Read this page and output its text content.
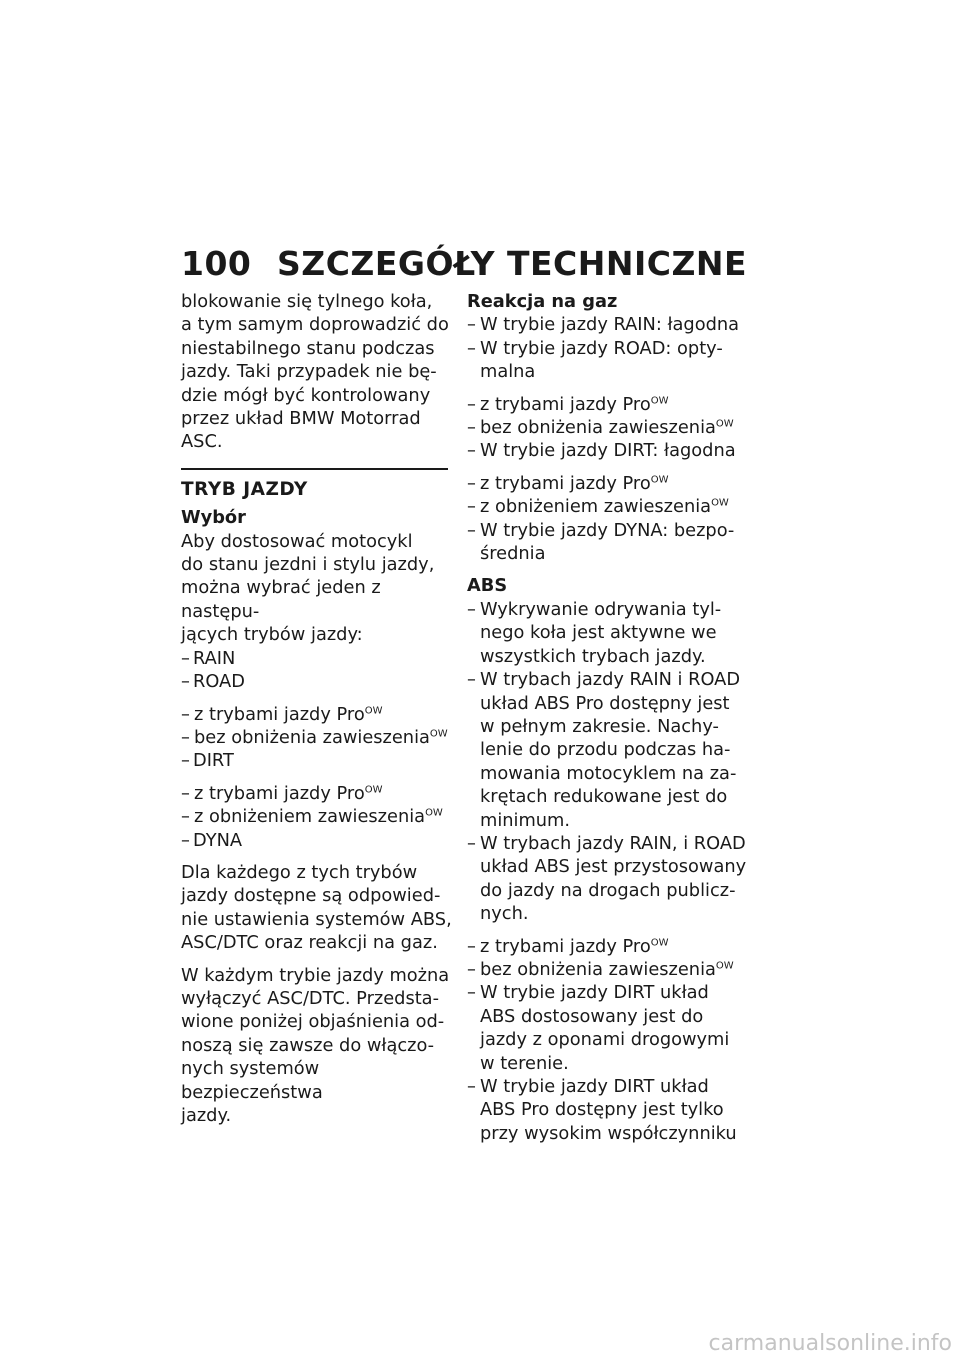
100 SZCZEGÓŁY TECHNICZNE
blokowanie się tylnego koła,
a tym samym doprowadzić do
niestabilnego stanu podczas
jazdy. Taki przypadek nie bę-
dzie mógł być kontrolowany
przez układ BMW Motorrad
ASC.
TRYB JAZDY
Wybór
Aby dostosować motocykl
do stanu jezdni i stylu jazdy,
można wybrać jeden z następu-
jących trybów jazdy:
– RAIN
– ROAD
– z trybami jazdy Pro$^{OW}$
– bez obniżenia zawieszenia$^{OW}$
– DIRT
– z trybami jazdy Pro$^{OW}$
– z obniżeniem zawieszenia$^{OW}$
– DYNA
Dla każdego z tych trybów
jazdy dostępne są odpowied-
nie ustawienia systemów ABS,
ASC/DTC oraz reakcji na gaz.
W każdym trybie jazdy można
wyłączyć ASC/DTC. Przedsta-
wione poniżej objaśnienia od-
noszą się zawsze do włączo-
nych systemów bezpieczeństwa
jazdy.
Reakcja na gaz
– W trybie jazdy RAIN: łagodna
– W trybie jazdy ROAD: opty-
malna
– z trybami jazdy Pro$^{OW}$
– bez obniżenia zawieszenia$^{OW}$
– W trybie jazdy DIRT: łagodna
– z trybami jazdy Pro$^{OW}$
– z obniżeniem zawieszenia$^{OW}$
– W trybie jazdy DYNA: bezpo-
średnia
ABS
– Wykrywanie odrywania tyl-
nego koła jest aktywne we
wszystkich trybach jazdy.
– W trybach jazdy RAIN i ROAD
układ ABS Pro dostępny jest
w pełnym zakresie. Nachy-
lenie do przodu podczas ha-
mowania motocyklem na za-
krętach redukowane jest do
minimum.
– W trybach jazdy RAIN, i ROAD
układ ABS jest przystosowany
do jazdy na drogach publicz-
nych.
– z trybami jazdy Pro$^{OW}$
– bez obniżenia zawieszenia$^{OW}$
– W trybie jazdy DIRT układ
ABS dostosowany jest do
jazdy z oponami drogowymi
w terenie.
– W trybie jazdy DIRT układ
ABS Pro dostępny jest tylko
przy wysokim współczynniku
carmanualsonline.info
